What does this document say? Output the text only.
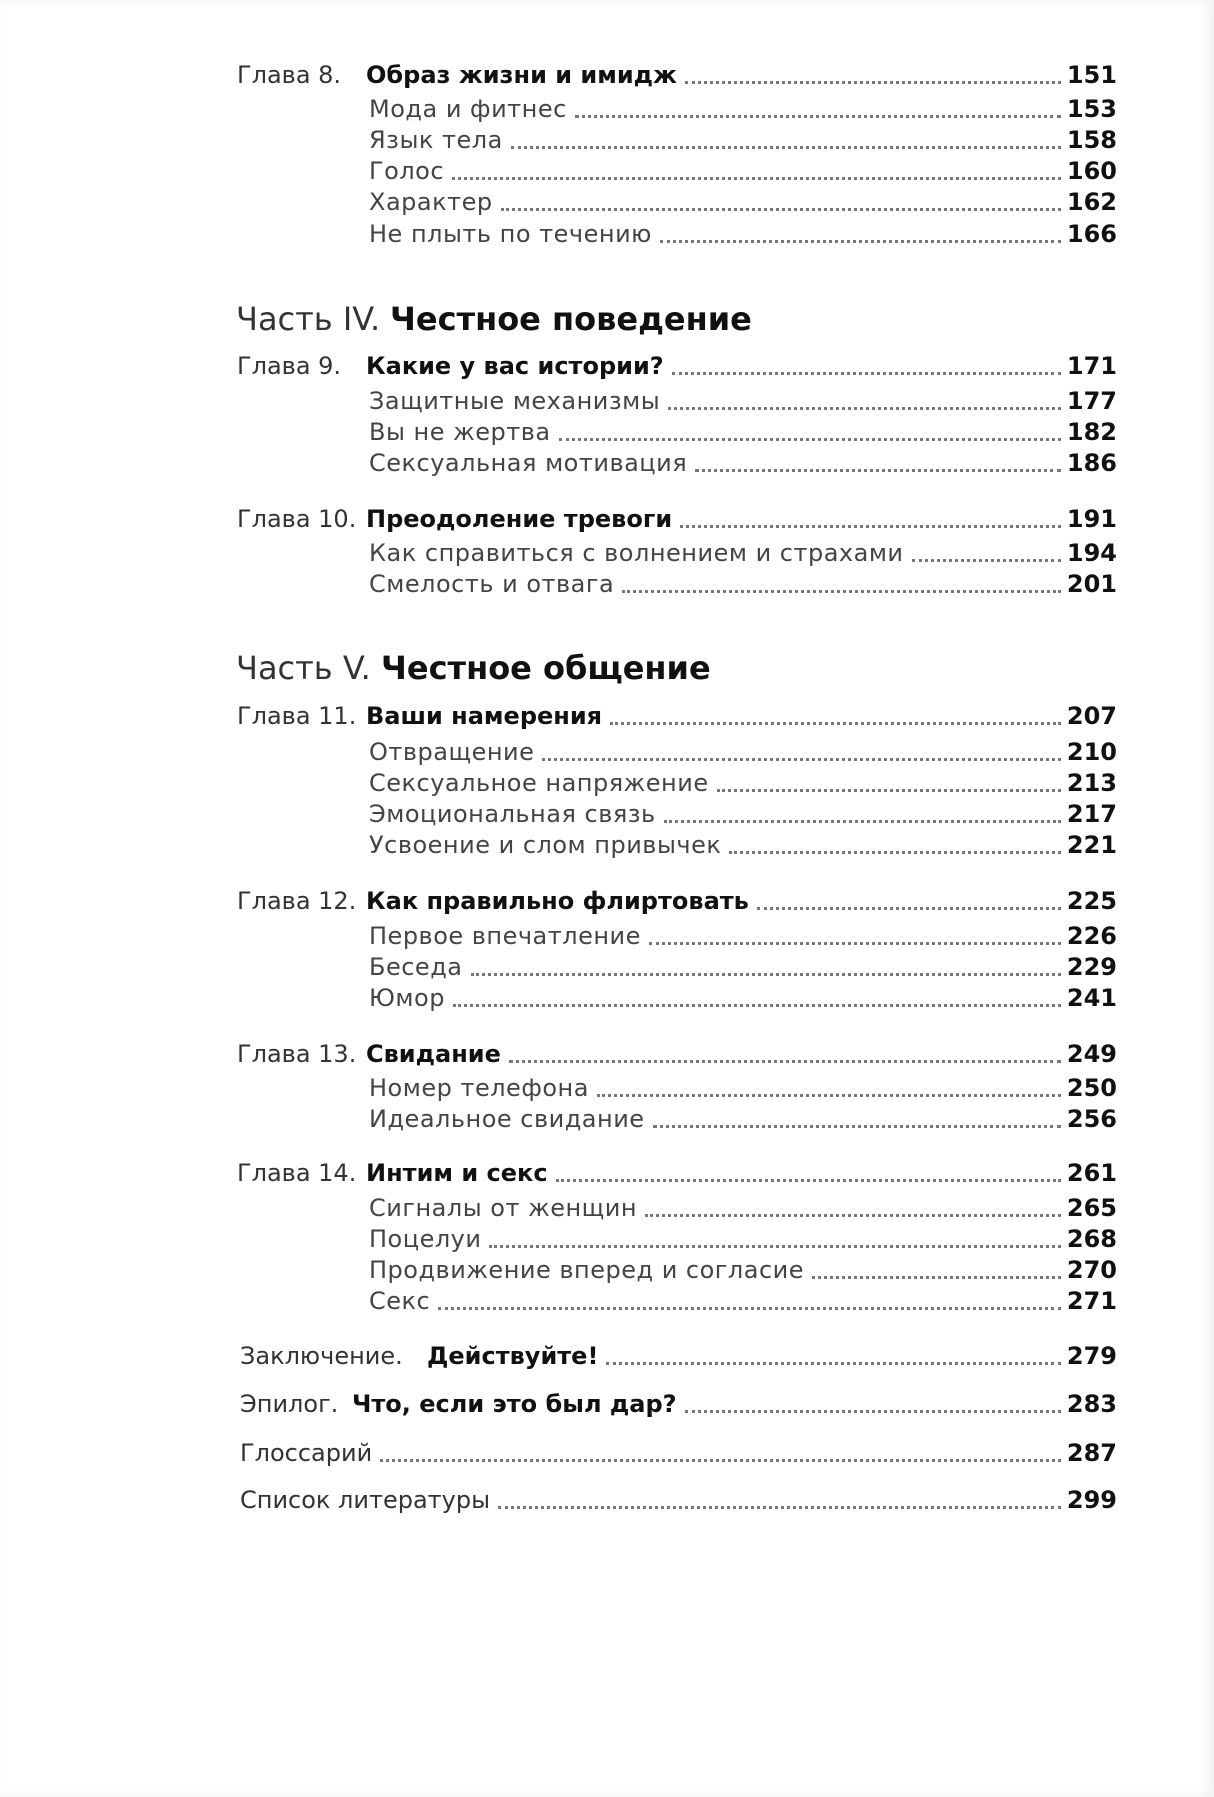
Глава 8. Образ жизни и имидж	151
Мода и фитнес	153
Язык тела	158
Голос	160
Характер	162
Не плыть по течению	166
Часть IV. Честное поведение
Глава 9. Какие у вас истории?	171
Защитные механизмы	177
Вы не жертва	182
Сексуальная мотивация	186
Глава 10. Преодоление тревоги	191
Как справиться с волнением и страхами	194
Смелость и отвага	201
Часть V. Честное общение
Глава 11. Ваши намерения	207
Отвращение	210
Сексуальное напряжение	213
Эмоциональная связь	217
Усвоение и слом привычек	221
Глава 12. Как правильно флиртовать	225
Первое впечатление	226
Беседа	229
Юмор	241
Глава 13. Свидание	249
Номер телефона	250
Идеальное свидание	256
Глава 14. Интим и секс	261
Сигналы от женщин	265
Поцелуи	268
Продвижение вперед и согласие	270
Секс	271
Заключение. Действуйте!	279
Эпилог. Что, если это был дар?	283
Глоссарий	287
Список литературы	299
